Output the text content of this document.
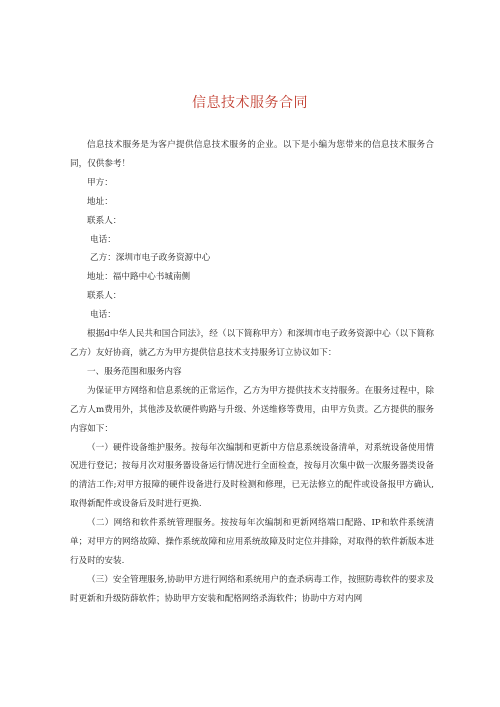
信息技术服务合同

信息技术服务是为客户提供信息技术服务的企业。以下是小编为您带来的信息技术服务合同，仅供参考！

甲方：

地址：

联系人：

电话：

乙方：深圳市电子政务资源中心

地址：福中路中心书城南侧

联系人：

电话：

根据d中华人民共和国合同法》，经（以下简称甲方）和深圳市电子政务资源中心（以下简称乙方）友好协商，就乙方为甲方提供信息技术支持服务订立协议如下：

一、服务范围和服务内容

为保证甲方网络和信息系统的正常运作，乙方为甲方提供技术支持服务。在服务过程中，除乙方人m费用外，其他涉及软硬件购路与升级、外送维修等费用，由甲方负责。乙方提供的服务内容如下：

（一）硬件设备维护服务。按每年次编制和更新中方信息系统设备清单，对系统设备使用情况进行登记；按每月次对服务器设备运行情况进行全面检查，按每月次集中做一次服务器类设备的清洁工作;对甲方报障的硬件设备进行及时检测和修理，已无法修立的配件或设备报甲方确认,取得新配件或设备后及时进行更换.

（二）网络和软件系统管理服务。按按每年次编制和更新网络端口配路、IP和软件系统清单；对甲方的网络故障、操作系统故障和应用系统故障及时定位并排除，对取得的软件新版本进行及时的安装.

（三）安全管理服务,协助甲方进行网络和系统用户的查杀病毒工作，按照防毒软件的要求及时更新和升级防薛软件；协助甲方安装和配格网络杀海软件；协助中方对内网
